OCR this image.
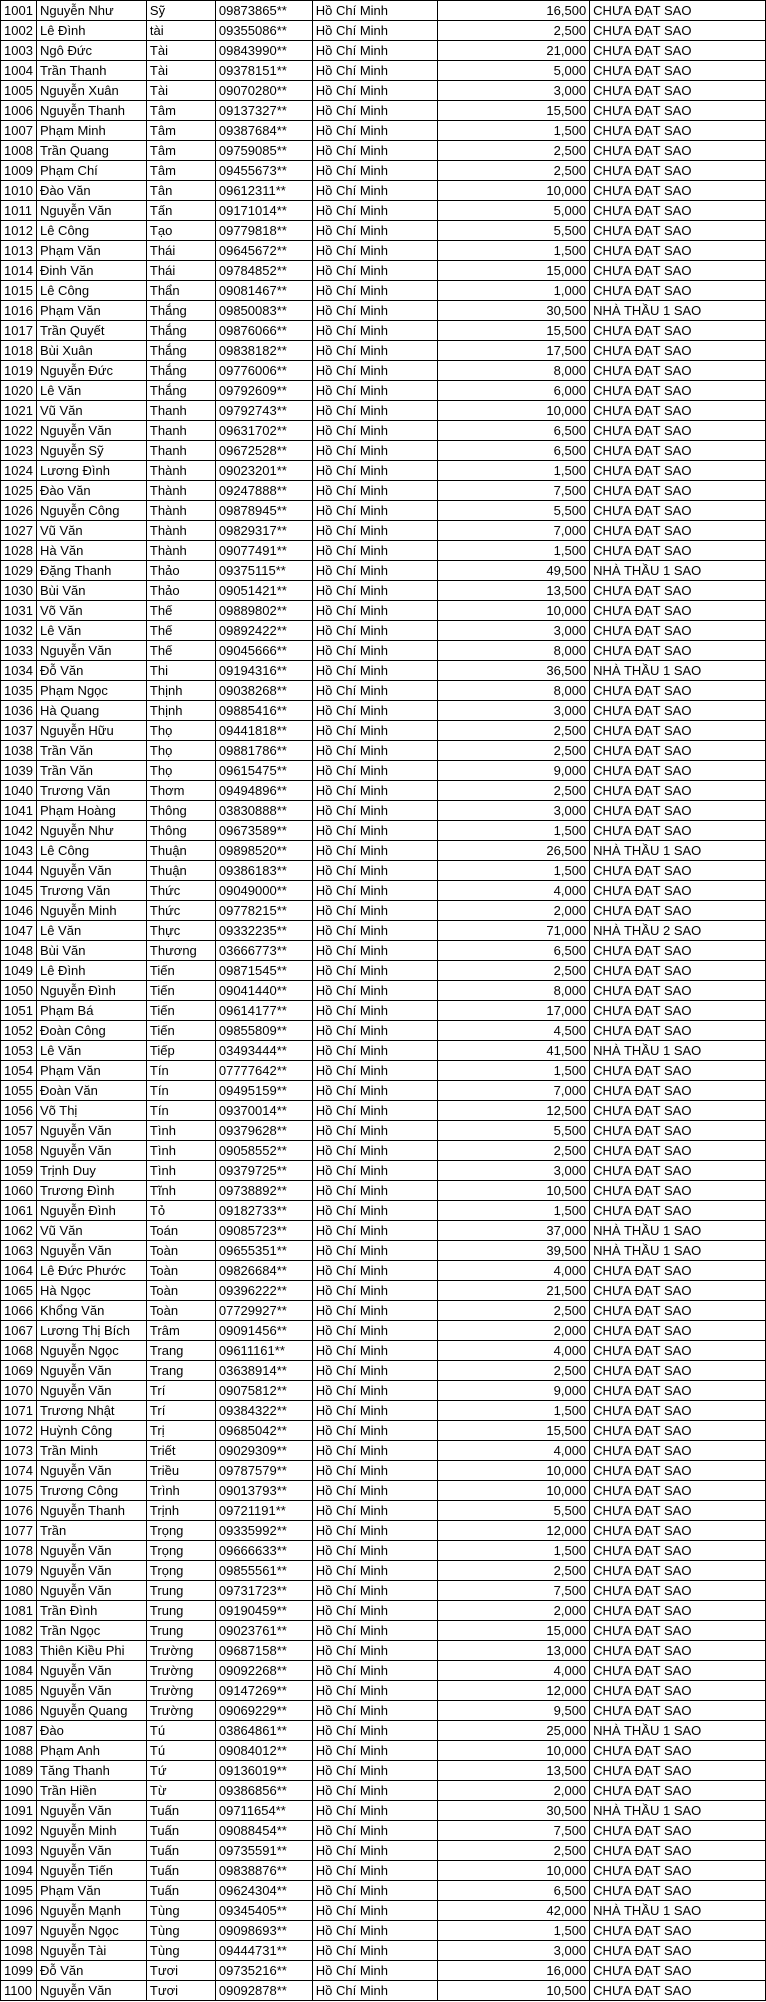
1001	Nguyễn Như	Sỹ	09873865**	Hồ Chí Minh	16,500	CHƯA ĐẠT SAO
1002	Lê Đình	tài	09355086**	Hồ Chí Minh	2,500	CHƯA ĐẠT SAO
1003	Ngô Đức	Tài	09843990**	Hồ Chí Minh	21,000	CHƯA ĐẠT SAO
1004	Trần Thanh	Tài	09378151**	Hồ Chí Minh	5,000	CHƯA ĐẠT SAO
1005	Nguyễn Xuân	Tài	09070280**	Hồ Chí Minh	3,000	CHƯA ĐẠT SAO
1006	Nguyễn Thanh	Tâm	09137327**	Hồ Chí Minh	15,500	CHƯA ĐẠT SAO
1007	Phạm Minh	Tâm	09387684**	Hồ Chí Minh	1,500	CHƯA ĐẠT SAO
1008	Trần Quang	Tâm	09759085**	Hồ Chí Minh	2,500	CHƯA ĐẠT SAO
1009	Phạm Chí	Tâm	09455673**	Hồ Chí Minh	2,500	CHƯA ĐẠT SAO
1010	Đào Văn	Tân	09612311**	Hồ Chí Minh	10,000	CHƯA ĐẠT SAO
1011	Nguyễn Văn	Tấn	09171014**	Hồ Chí Minh	5,000	CHƯA ĐẠT SAO
1012	Lê Công	Tạo	09779818**	Hồ Chí Minh	5,500	CHƯA ĐẠT SAO
1013	Phạm Văn	Thái	09645672**	Hồ Chí Minh	1,500	CHƯA ĐẠT SAO
1014	Đinh Văn	Thái	09784852**	Hồ Chí Minh	15,000	CHƯA ĐẠT SAO
1015	Lê Công	Thẩn	09081467**	Hồ Chí Minh	1,000	CHƯA ĐẠT SAO
1016	Phạm Văn	Thắng	09850083**	Hồ Chí Minh	30,500	NHÀ THẦU 1 SAO
1017	Trần Quyết	Thắng	09876066**	Hồ Chí Minh	15,500	CHƯA ĐẠT SAO
1018	Bùi Xuân	Thắng	09838182**	Hồ Chí Minh	17,500	CHƯA ĐẠT SAO
1019	Nguyễn Đức	Thắng	09776006**	Hồ Chí Minh	8,000	CHƯA ĐẠT SAO
1020	Lê Văn	Thắng	09792609**	Hồ Chí Minh	6,000	CHƯA ĐẠT SAO
1021	Vũ Văn	Thanh	09792743**	Hồ Chí Minh	10,000	CHƯA ĐẠT SAO
1022	Nguyễn Văn	Thanh	09631702**	Hồ Chí Minh	6,500	CHƯA ĐẠT SAO
1023	Nguyễn Sỹ	Thanh	09672528**	Hồ Chí Minh	6,500	CHƯA ĐẠT SAO
1024	Lương Đình	Thành	09023201**	Hồ Chí Minh	1,500	CHƯA ĐẠT SAO
1025	Đào Văn	Thành	09247888**	Hồ Chí Minh	7,500	CHƯA ĐẠT SAO
1026	Nguyễn Công	Thành	09878945**	Hồ Chí Minh	5,500	CHƯA ĐẠT SAO
1027	Vũ Văn	Thành	09829317**	Hồ Chí Minh	7,000	CHƯA ĐẠT SAO
1028	Hà Văn	Thành	09077491**	Hồ Chí Minh	1,500	CHƯA ĐẠT SAO
1029	Đặng Thanh	Thảo	09375115**	Hồ Chí Minh	49,500	NHÀ THẦU 1 SAO
1030	Bùi Văn	Thảo	09051421**	Hồ Chí Minh	13,500	CHƯA ĐẠT SAO
1031	Võ Văn	Thế	09889802**	Hồ Chí Minh	10,000	CHƯA ĐẠT SAO
1032	Lê Văn	Thế	09892422**	Hồ Chí Minh	3,000	CHƯA ĐẠT SAO
1033	Nguyễn Văn	Thế	09045666**	Hồ Chí Minh	8,000	CHƯA ĐẠT SAO
1034	Đỗ Văn	Thi	09194316**	Hồ Chí Minh	36,500	NHÀ THẦU 1 SAO
1035	Phạm Ngọc	Thịnh	09038268**	Hồ Chí Minh	8,000	CHƯA ĐẠT SAO
1036	Hà Quang	Thịnh	09885416**	Hồ Chí Minh	3,000	CHƯA ĐẠT SAO
1037	Nguyễn Hữu	Thọ	09441818**	Hồ Chí Minh	2,500	CHƯA ĐẠT SAO
1038	Trần Văn	Thọ	09881786**	Hồ Chí Minh	2,500	CHƯA ĐẠT SAO
1039	Trần Văn	Thọ	09615475**	Hồ Chí Minh	9,000	CHƯA ĐẠT SAO
1040	Trương Văn	Thơm	09494896**	Hồ Chí Minh	2,500	CHƯA ĐẠT SAO
1041	Phạm Hoàng	Thông	03830888**	Hồ Chí Minh	3,000	CHƯA ĐẠT SAO
1042	Nguyễn Như	Thông	09673589**	Hồ Chí Minh	1,500	CHƯA ĐẠT SAO
1043	Lê Công	Thuận	09898520**	Hồ Chí Minh	26,500	NHÀ THẦU 1 SAO
1044	Nguyễn Văn	Thuận	09386183**	Hồ Chí Minh	1,500	CHƯA ĐẠT SAO
1045	Trương Văn	Thức	09049000**	Hồ Chí Minh	4,000	CHƯA ĐẠT SAO
1046	Nguyễn Minh	Thức	09778215**	Hồ Chí Minh	2,000	CHƯA ĐẠT SAO
1047	Lê Văn	Thực	09332235**	Hồ Chí Minh	71,000	NHÀ THẦU 2 SAO
1048	Bùi Văn	Thương	03666773**	Hồ Chí Minh	6,500	CHƯA ĐẠT SAO
1049	Lê Đình	Tiến	09871545**	Hồ Chí Minh	2,500	CHƯA ĐẠT SAO
1050	Nguyễn Đình	Tiến	09041440**	Hồ Chí Minh	8,000	CHƯA ĐẠT SAO
1051	Phạm Bá	Tiến	09614177**	Hồ Chí Minh	17,000	CHƯA ĐẠT SAO
1052	Đoàn Công	Tiến	09855809**	Hồ Chí Minh	4,500	CHƯA ĐẠT SAO
1053	Lê Văn	Tiếp	03493444**	Hồ Chí Minh	41,500	NHÀ THẦU 1 SAO
1054	Phạm Văn	Tín	07777642**	Hồ Chí Minh	1,500	CHƯA ĐẠT SAO
1055	Đoàn Văn	Tín	09495159**	Hồ Chí Minh	7,000	CHƯA ĐẠT SAO
1056	Võ Thị	Tín	09370014**	Hồ Chí Minh	12,500	CHƯA ĐẠT SAO
1057	Nguyễn Văn	Tình	09379628**	Hồ Chí Minh	5,500	CHƯA ĐẠT SAO
1058	Nguyễn Văn	Tình	09058552**	Hồ Chí Minh	2,500	CHƯA ĐẠT SAO
1059	Trịnh Duy	Tình	09379725**	Hồ Chí Minh	3,000	CHƯA ĐẠT SAO
1060	Trương Đình	Tĩnh	09738892**	Hồ Chí Minh	10,500	CHƯA ĐẠT SAO
1061	Nguyễn Đình	Tỏ	09182733**	Hồ Chí Minh	1,500	CHƯA ĐẠT SAO
1062	Vũ Văn	Toán	09085723**	Hồ Chí Minh	37,000	NHÀ THẦU 1 SAO
1063	Nguyễn Văn	Toàn	09655351**	Hồ Chí Minh	39,500	NHÀ THẦU 1 SAO
1064	Lê Đức Phước	Toàn	09826684**	Hồ Chí Minh	4,000	CHƯA ĐẠT SAO
1065	Hà Ngọc	Toàn	09396222**	Hồ Chí Minh	21,500	CHƯA ĐẠT SAO
1066	Khổng Văn	Toàn	07729927**	Hồ Chí Minh	2,500	CHƯA ĐẠT SAO
1067	Lương Thị Bích	Trâm	09091456**	Hồ Chí Minh	2,000	CHƯA ĐẠT SAO
1068	Nguyễn Ngọc	Trang	09611161**	Hồ Chí Minh	4,000	CHƯA ĐẠT SAO
1069	Nguyễn Văn	Trang	03638914**	Hồ Chí Minh	2,500	CHƯA ĐẠT SAO
1070	Nguyễn Văn	Trí	09075812**	Hồ Chí Minh	9,000	CHƯA ĐẠT SAO
1071	Trương Nhật	Trí	09384322**	Hồ Chí Minh	1,500	CHƯA ĐẠT SAO
1072	Huỳnh Công	Trị	09685042**	Hồ Chí Minh	15,500	CHƯA ĐẠT SAO
1073	Trần Minh	Triết	09029309**	Hồ Chí Minh	4,000	CHƯA ĐẠT SAO
1074	Nguyễn Văn	Triều	09787579**	Hồ Chí Minh	10,000	CHƯA ĐẠT SAO
1075	Trương Công	Trình	09013793**	Hồ Chí Minh	10,000	CHƯA ĐẠT SAO
1076	Nguyễn Thanh	Trịnh	09721191**	Hồ Chí Minh	5,500	CHƯA ĐẠT SAO
1077	Trần	Trọng	09335992**	Hồ Chí Minh	12,000	CHƯA ĐẠT SAO
1078	Nguyễn Văn	Trọng	09666633**	Hồ Chí Minh	1,500	CHƯA ĐẠT SAO
1079	Nguyễn Văn	Trọng	09855561**	Hồ Chí Minh	2,500	CHƯA ĐẠT SAO
1080	Nguyễn Văn	Trung	09731723**	Hồ Chí Minh	7,500	CHƯA ĐẠT SAO
1081	Trần Đình	Trung	09190459**	Hồ Chí Minh	2,000	CHƯA ĐẠT SAO
1082	Trần Ngọc	Trung	09023761**	Hồ Chí Minh	15,000	CHƯA ĐẠT SAO
1083	Thiên Kiều Phi	Trường	09687158**	Hồ Chí Minh	13,000	CHƯA ĐẠT SAO
1084	Nguyễn Văn	Trường	09092268**	Hồ Chí Minh	4,000	CHƯA ĐẠT SAO
1085	Nguyễn Văn	Trường	09147269**	Hồ Chí Minh	12,000	CHƯA ĐẠT SAO
1086	Nguyễn Quang	Trường	09069229**	Hồ Chí Minh	9,500	CHƯA ĐẠT SAO
1087	Đào	Tú	03864861**	Hồ Chí Minh	25,000	NHÀ THẦU 1 SAO
1088	Phạm Anh	Tú	09084012**	Hồ Chí Minh	10,000	CHƯA ĐẠT SAO
1089	Tăng Thanh	Tứ	09136019**	Hồ Chí Minh	13,500	CHƯA ĐẠT SAO
1090	Trần Hiền	Từ	09386856**	Hồ Chí Minh	2,000	CHƯA ĐẠT SAO
1091	Nguyễn Văn	Tuấn	09711654**	Hồ Chí Minh	30,500	NHÀ THẦU 1 SAO
1092	Nguyễn Minh	Tuấn	09088454**	Hồ Chí Minh	7,500	CHƯA ĐẠT SAO
1093	Nguyễn Văn	Tuấn	09735591**	Hồ Chí Minh	2,500	CHƯA ĐẠT SAO
1094	Nguyễn Tiến	Tuấn	09838876**	Hồ Chí Minh	10,000	CHƯA ĐẠT SAO
1095	Phạm Văn	Tuấn	09624304**	Hồ Chí Minh	6,500	CHƯA ĐẠT SAO
1096	Nguyễn Mạnh	Tùng	09345405**	Hồ Chí Minh	42,000	NHÀ THẦU 1 SAO
1097	Nguyễn Ngọc	Tùng	09098693**	Hồ Chí Minh	1,500	CHƯA ĐẠT SAO
1098	Nguyễn Tài	Tùng	09444731**	Hồ Chí Minh	3,000	CHƯA ĐẠT SAO
1099	Đỗ Văn	Tươi	09735216**	Hồ Chí Minh	16,000	CHƯA ĐẠT SAO
1100	Nguyễn Văn	Tươi	09092878**	Hồ Chí Minh	10,500	CHƯA ĐẠT SAO
